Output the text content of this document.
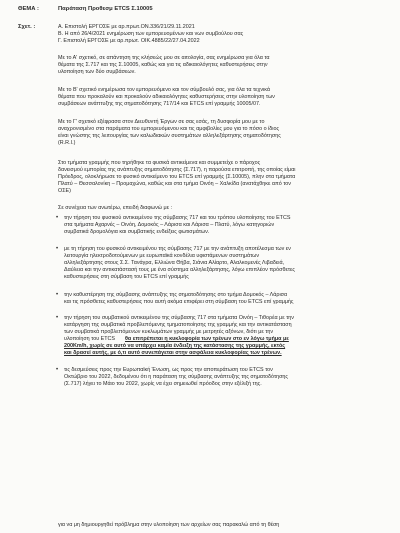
ΘΕΜΑ :	Παράταση Προθεσμ ETCS Σ.10005
Σχετ. :	Α. Επιστολή ΕΡΓΟΣΕ με αρ.πρωτ.ΟΝ.336/21/29.11.2021
Β. Η από 26/4/2021 ενημέρωση των εμπορευομένων και νων συμβούλου σας
Γ. Επιστολή ΕΡΓΟΣΕ με αρ.πρωτ. ΟΙΚ.4885/22/27.04.2022
Με το Α' σχετικό, σε απάντηση της κλήσεώς μου σε αιτολογία, σας ενημέρωσα για όλα τα
θέματα της Σ.717 και της Σ.10005, καθώς και για τις αδικαιολόγητες καθυστερήσεις στην
υλοποίηση των δύο συμβάσεων.
Με το Β' σχετικό ενημέρωσα τον εμπορευόμενο και τον σύμβουλό σας, για όλα τα τεχνικά
θέματα που προκαλούν και προκαλούν αδικαιολόγητες καθυστερήσεις στην υλοποίηση των
συμβάσεων ανάπτυξης της σηματοδότησης 717/14 και ETCS επί γραμμής 10005/07.
Με το Γ' σχετικό εξέφρασα στον Διευθυντή Έργων σε σας εσάς, τη δυσφορία μου με το
αναχρονισμένο στα παράματα του εμπορευόμενου και τις αμφιβολίες μου για το πόσο ο ίδιος
είναι γνώστης της λειτουργίας των καλωδιακών συστημάτων αλληλεξάρτησης σηματοδότησης
(R.R.I.)
Στο τμήματα γραμμής που τηρήθηκε τα φυσικά αντικείμενα και συμμετείχε ο πάροχος
δανεισμού εμπορίας της ανάπτυξης σηματοδότησης (Σ.717), η παρούσα επιτροπή, της οποίας είμαι
Πρόεδρος, ολοκλήρωσε το φυσικό αντικείμενο του ETCS επί γραμμής (Σ.10005), πλην στα τμήματα
Πλατύ – Θεσσαλονίκη – Προμαχώνα, καθώς και στα τμήμα Οινόη – Χαλκίδα (ανατάχθηκε από τον
ΟΣΕ)
Σε συνέχεια των ανωτέρω, επειδή διαφωνώ με :
• την τήρηση του φυσικού αντικειμένου της σύμβασης 717 και του τρόπου υλοποίησης του ETCS
στα τμήματα Αχαρνές – Οινόη, Δομοκός – Λάρισα και Λάρισα – Πλατύ, λόγω κατηγοριών
συμβατικά δρομολόγια και συμβατικής ενδείξεις φωτισμάτων.
• με τη τήρηση του φυσικού αντικειμένου της σύμβασης 717 με την ανάπτυξη αποτέλεσμα των εν
λειτουργία ηλεκτροδοτούμενων με ευρωπαϊκά κονδέλια υφιστάμενων συστημάτων
αλληλεξάρτησης στους Σ.Σ. Τανάγρα, Ελλιώνα Θήβα, Σιάνια Αλίαρτο, Αλαλκομενές Λιβαδειά,
Δαύλεια και την αντικατάστασή τους με ένα σύστημα αλληλεξάρτησης, λόγω επιπλέον πρόσθετες
καθυστερήσεις στη σύμβαση του ETCS επί γραμμής
• την καθυστέρηση της σύμβασης ανάπτυξης της σηματοδότησης στο τμήμα Δομοκός – Λάρισα
και τις πρόσθετες καθυστερήσεις που αυτή ακόμα επιφέρει στη σύμβαση του ETCS επί γραμμής
• την τήρηση του συμβατικού αντικειμένου της σύμβασης 717 στα τμήματα Οινόη – Τιθορέα με την
κατάργηση της συμβατικά προβλεπόμενης τμηματοποίησης της γραμμής και την αντικατάσταση
των συμβατικά προβλεπόμενων κυκλωμάτων γραμμής με μετρητές αξόνων, διότι με την
υλοποίηση του ETCS θα επιτρέπεται η κυκλοφορία των τρένων στο εν λόγω τμήμα με
200Km/h, χωρίς σε αυτό να υπάρχει καμία ένδειξη της κατάστασης της γραμμής, εκτός
και δρασεί αυτής, με ό,τι αυτό συνεπάγεται στην ασφάλεια κυκλοφορίας των τρένων.
• τις δεσμεύσεις προς την Ευρωπαϊκή Ένωση, ως προς την αποπεράτωση του ETCS τον
Οκτώβριο του 2022, δεδομένου ότι η παράταση της σύμβασης ανάπτυξης της σηματοδότησης
(Σ.717) λήγει το Μάιο του 2022, χωρίς να έχει σημειωθεί πρόοδος στην εξέλιξή της.
για να μη δημιουργηθεί πρόβλημα στην υλοποίηση των αρχείων σας παρακαλώ από τη θέση
